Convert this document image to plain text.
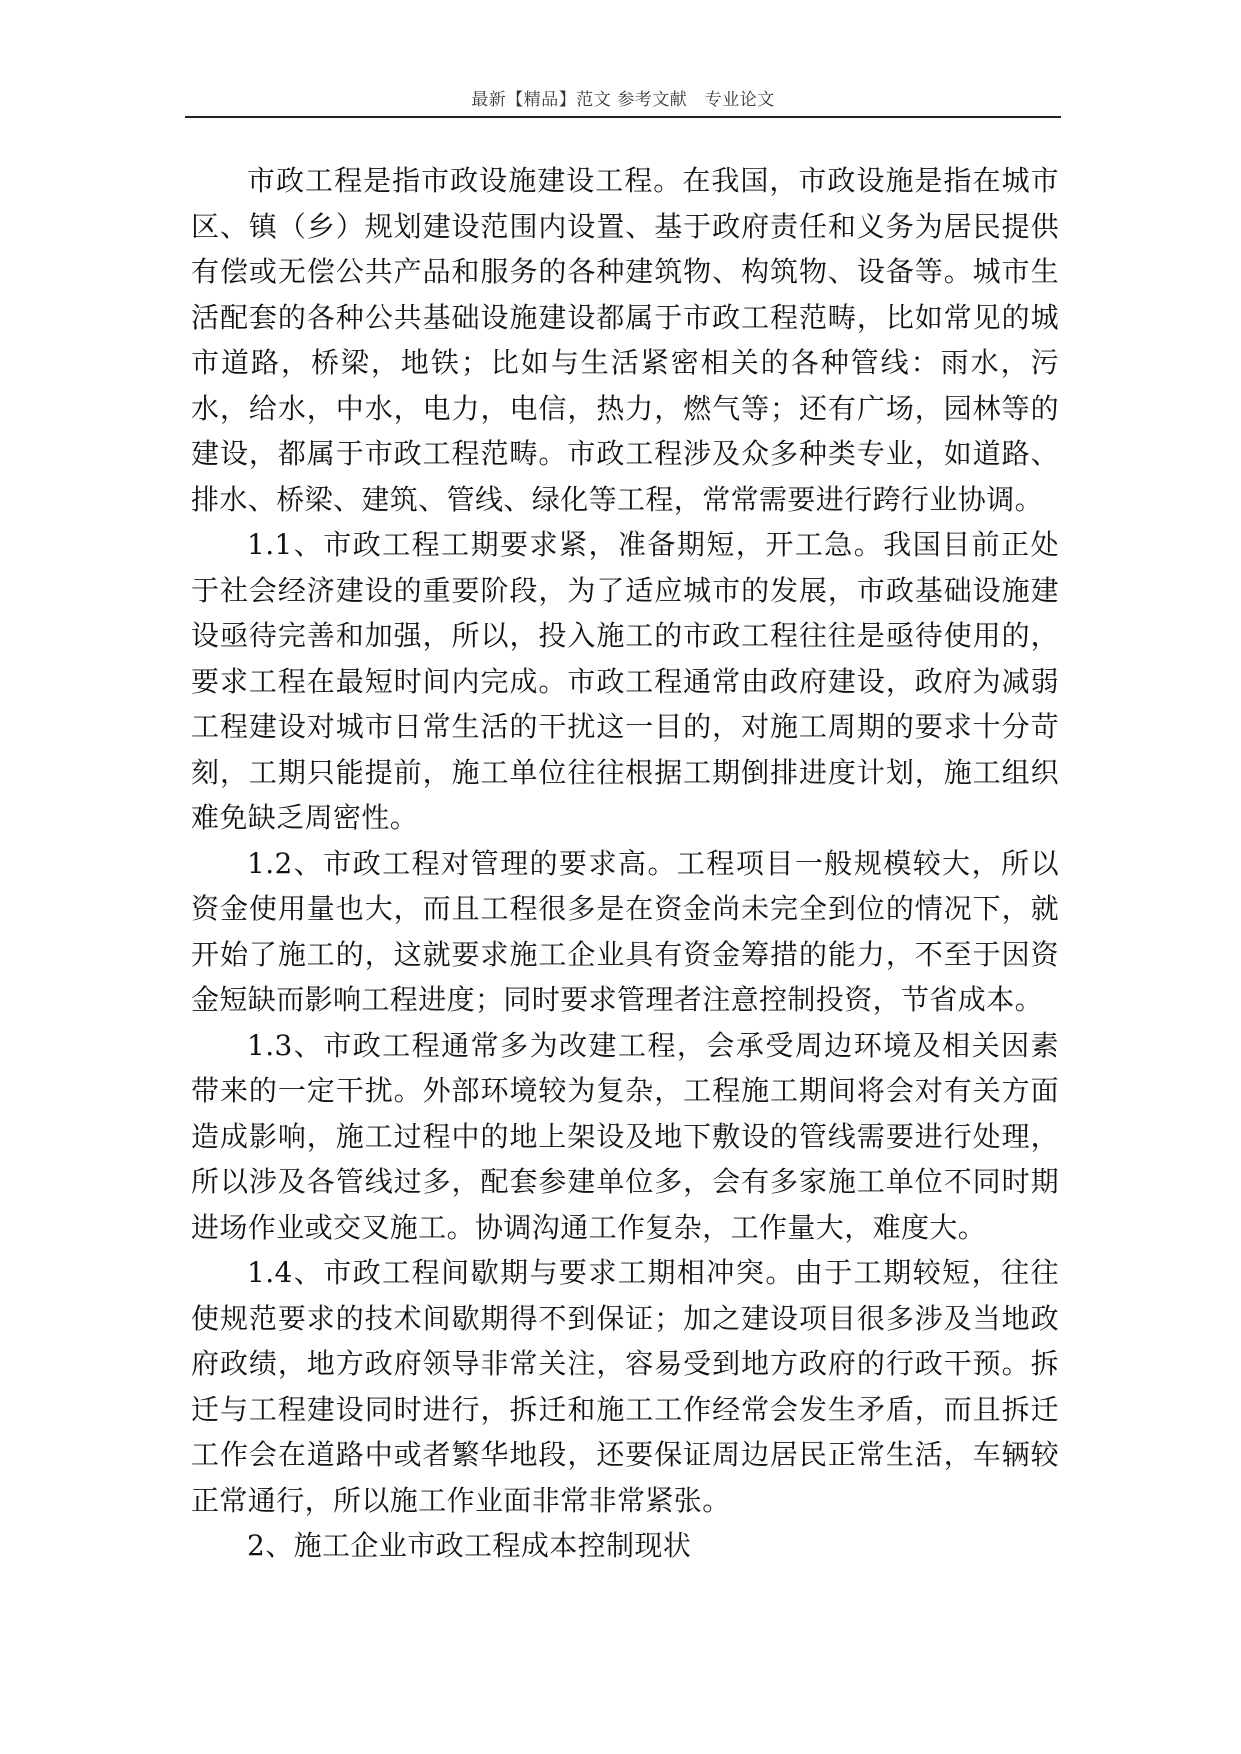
最新【精品】范文 参考文献　专业论文

市政工程是指市政设施建设工程。在我国，市政设施是指在城市区、镇（乡）规划建设范围内设置、基于政府责任和义务为居民提供有偿或无偿公共产品和服务的各种建筑物、构筑物、设备等。城市生活配套的各种公共基础设施建设都属于市政工程范畴，比如常见的城市道路，桥梁，地铁；比如与生活紧密相关的各种管线：雨水，污水，给水，中水，电力，电信，热力，燃气等；还有广场，园林等的建设，都属于市政工程范畴。市政工程涉及众多种类专业，如道路、排水、桥梁、建筑、管线、绿化等工程，常常需要进行跨行业协调。

1.1、市政工程工期要求紧，准备期短，开工急。我国目前正处于社会经济建设的重要阶段，为了适应城市的发展，市政基础设施建设亟待完善和加强，所以，投入施工的市政工程往往是亟待使用的，要求工程在最短时间内完成。市政工程通常由政府建设，政府为减弱工程建设对城市日常生活的干扰这一目的，对施工周期的要求十分苛刻，工期只能提前，施工单位往往根据工期倒排进度计划，施工组织难免缺乏周密性。

1.2、市政工程对管理的要求高。工程项目一般规模较大，所以资金使用量也大，而且工程很多是在资金尚未完全到位的情况下，就开始了施工的，这就要求施工企业具有资金筹措的能力，不至于因资金短缺而影响工程进度；同时要求管理者注意控制投资，节省成本。

1.3、市政工程通常多为改建工程，会承受周边环境及相关因素带来的一定干扰。外部环境较为复杂，工程施工期间将会对有关方面造成影响，施工过程中的地上架设及地下敷设的管线需要进行处理，所以涉及各管线过多，配套参建单位多，会有多家施工单位不同时期进场作业或交叉施工。协调沟通工作复杂，工作量大，难度大。

1.4、市政工程间歇期与要求工期相冲突。由于工期较短，往往使规范要求的技术间歇期得不到保证；加之建设项目很多涉及当地政府政绩，地方政府领导非常关注，容易受到地方政府的行政干预。拆迁与工程建设同时进行，拆迁和施工工作经常会发生矛盾，而且拆迁工作会在道路中或者繁华地段，还要保证周边居民正常生活，车辆较正常通行，所以施工作业面非常非常紧张。

2、施工企业市政工程成本控制现状
